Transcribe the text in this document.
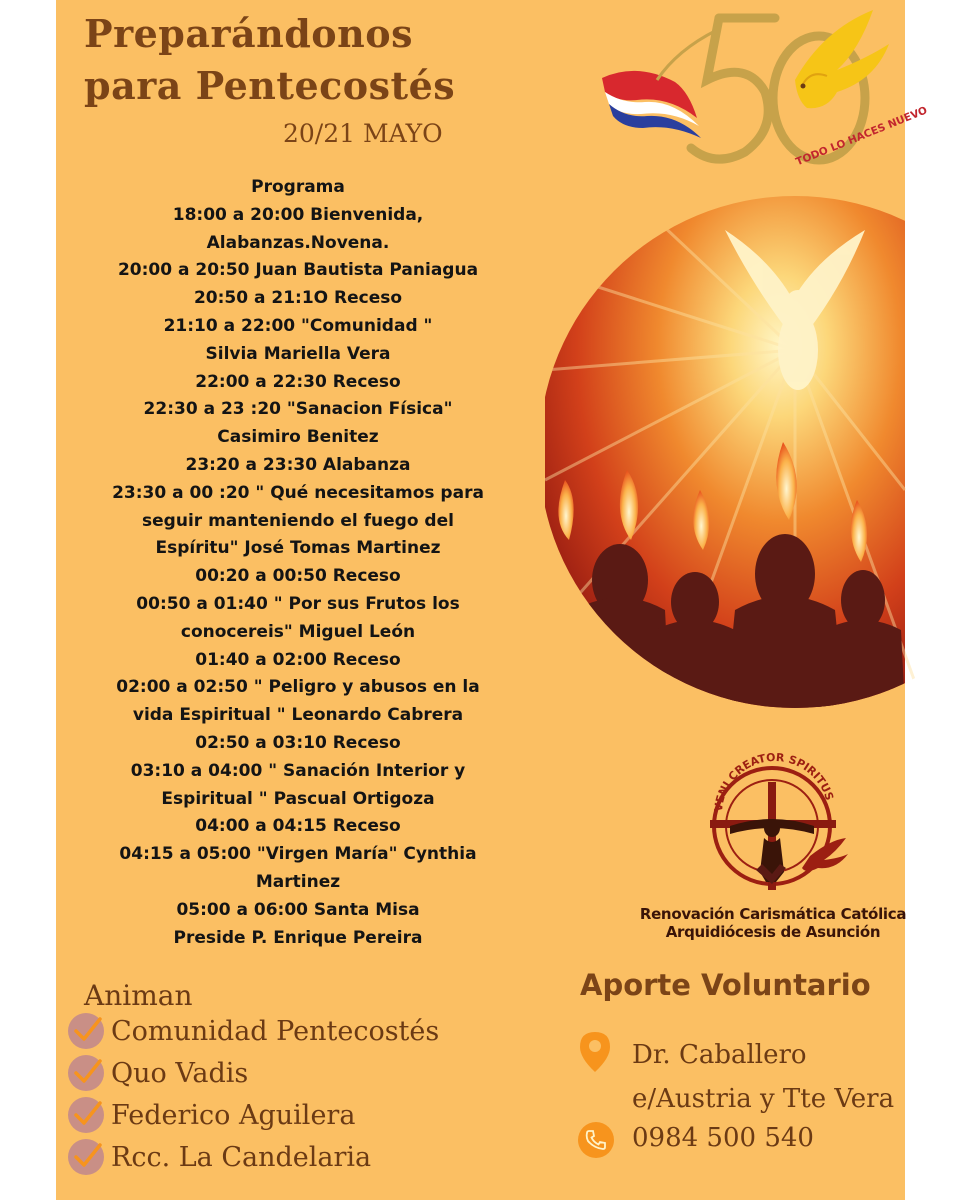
Preparándonos
para Pentecostés
20/21 MAYO	TODO LO HACES NUEVO
Programa
18:00 a 20:00 Bienvenida,
Alabanzas.Novena.
20:00 a 20:50 Juan Bautista Paniagua
20:50 a 21:1O Receso
21:10 a 22:00 "Comunidad "
Silvia Mariella Vera
22:00 a 22:30 Receso
22:30 a 23 :20 "Sanacion Física"
Casimiro Benitez
23:20 a 23:30 Alabanza
23:30 a 00 :20 " Qué necesitamos para
seguir manteniendo el fuego del
Espíritu" José Tomas Martinez
00:20 a 00:50 Receso
00:50 a 01:40 " Por sus Frutos los
conocereis" Miguel León
01:40 a 02:00 Receso
02:00 a 02:50 " Peligro y abusos en la
vida Espiritual " Leonardo Cabrera
02:50 a 03:10 Receso
03:10 a 04:00 " Sanación Interior y
Espiritual " Pascual Ortigoza
04:00 a 04:15 Receso
04:15 a 05:00 "Virgen María" Cynthia
Martinez
05:00 a 06:00 Santa Misa
Preside P. Enrique Pereira
VENI CREATOR SPIRITUS
Renovación Carismática Católica
Arquidiócesis de Asunción
Animan
Comunidad Pentecostés
Quo Vadis
Federico Aguilera
Rcc. La Candelaria
Aporte Voluntario
Dr. Caballero
e/Austria y Tte Vera
0984 500 540
